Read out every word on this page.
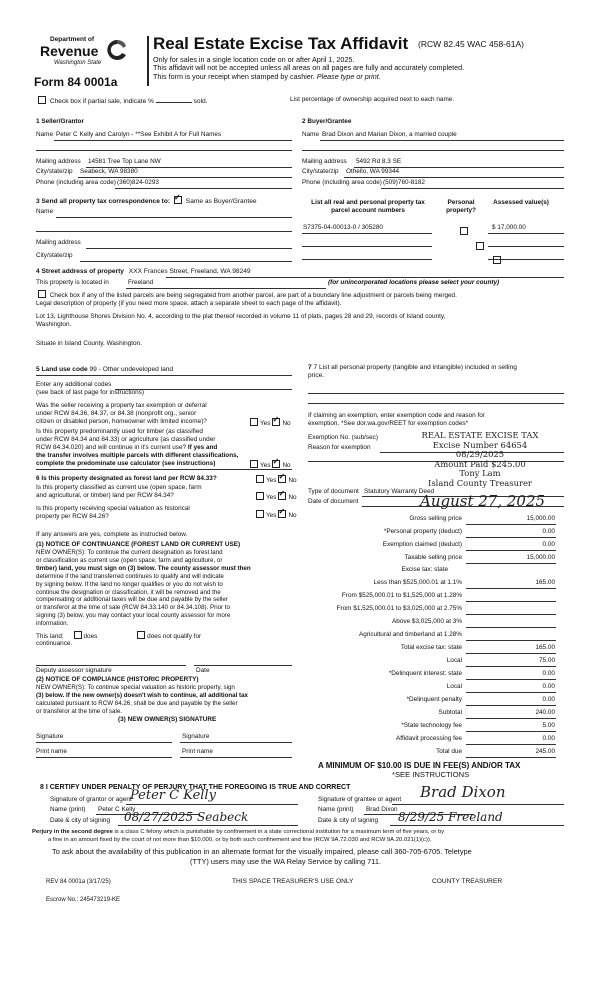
Department of
Revenue
Washington State
Form 84 0001a
Real Estate Excise Tax Affidavit (RCW 82.45 WAC 458-61A)
Only for sales in a single location code on or after April 1, 2025.
This affidavit will not be accepted unless all areas on all pages are fully and accurately completed.
This form is your receipt when stamped by cashier. Please type or print.
Check box if partial sale, indicate %	sold.	List percentage of ownership acquired next to each name.
1 Seller/Grantor
Name Peter C Kelly and Carolyn - **See Exhibit A for Full Names
Mailing address 14581 Tree Top Lane NW
City/state/zip Seabeck, WA 98380
Phone (including area code) (360)824-0293
2 Buyer/Grantee
Name Brad Dixon and Marian Dixon, a married couple
Mailing address 5492 Rd 8.3 SE
City/state/zip Othello, WA 99344
Phone (including area code) (509)760-8182
3 Send all property tax correspondence to: ✓ Same as Buyer/Grantee
Name
Mailing address
City/state/zip
List all real and personal property tax parcel account numbers
Personal property?
Assessed value(s)
S7375-04-00013-0 / 305280
	$ 17,000.00

4 Street address of property XXX Frances Street, Freeland, WA 98249
This property is located in	Freeland	(for unincorporated locations please select your county)
Check box if any of the listed parcels are being segregated from another parcel, are part of a boundary line adjustment or parcels being merged.
Legal description of property (if you need more space, attach a separate sheet to each page of the affidavit).
Lot 13, Lighthouse Shores Division No. 4, according to the plat thereof recorded in volume 11 of plats, pages 28 and 29, records of Island county,
Washington.
Situate in Island County, Washington.
5 Land use code 99 - Other undeveloped land
Enter any additional codes
(see back of last page for instructions)
Was the seller receiving a property tax exemption or deferral
under RCW 84.36, 84.37, or 84.38 (nonprofit org., senior
citizen or disabled person, homeowner with limited income)?	Yes ✓ No
Is this property predominantly used for timber (as classified
under RCW 84.34 and 84.33) or agriculture (as classified under
RCW 84.34.020) and will continue in it's current use? If yes and
the transfer involves multiple parcels with different classifications,
complete the predominate use calculator (see instructions)	Yes ✓ No
6 Is this property designated as forest land per RCW 84.33?	Yes ✓ No
Is this property classified as current use (open space, farm
and agricultural, or timber) land per RCW 84.34?	Yes ✓ No
Is this property receiving special valuation as historical
property per RCW 84.26?	Yes ✓ No
If any answers are yes, complete as instructed below.
(1) NOTICE OF CONTINUANCE (FOREST LAND OR CURRENT USE)
NEW OWNER(S): To continue the current designation as forest land
or classification as current use (open space, farm and agriculture, or
timber) land, you must sign on (3) below. The county assessor must then
determine if the land transferred continues to qualify and will indicate
by signing below. If the land no longer qualifies or you do not wish to
continue the designation or classification, it will be removed and the
compensating or additional taxes will be due and payable by the seller
or transferor at the time of sale (RCW 84.33.140 or 84.34.108). Prior to
signing (3) below, you may contact your local county assessor for more
information.
This land:	does	does not qualify for
continuance.
Deputy assessor signature	Date
(2) NOTICE OF COMPLIANCE (HISTORIC PROPERTY)
NEW OWNER(S): To continue special valuation as historic property, sign
(3) below. If the new owner(s) doesn't wish to continue, all additional tax
calculated pursuant to RCW 84.26, shall be due and payable by the seller
or transferor at the time of sale.
(3) NEW OWNER(S) SIGNATURE
Signature	Signature
Print name	Print name
7 7 List all personal property (tangible and intangible) included in selling
price.
If claiming an exemption, enter exemption code and reason for
exemption. *See dor.wa.gov/REET for exemption codes*
Exemption No. (sub/sec)
Reason for exemption
REAL ESTATE EXCISE TAX
Excise Number 64654
08/29/2025
Amount Paid $245.00
Tony Lam
Island County Treasurer
Type of document Statutory Warranty Deed
Date of document	August 27, 2025
Gross selling price	15,000.00
*Personal property (deduct)	0.00
Exemption claimed (deduct)	0.00
Taxable selling price	15,000.00
Excise tax: state
Less than $525,000.01 at 1.1%	165.00
From $525,000.01 to $1,525,000 at 1.28%
From $1,525,000.01 to $3,025,000 at 2.75%
Above $3,025,000 at 3%
Agricultural and timberland at 1.28%
Total excise tax: state	165.00
Local	75.00
*Delinquent interest: state	0.00
Local	0.00
*Delinquent penalty	0.00
Subtotal	240.00
*State technology fee	5.00
Affidavit processing fee	0.00
Total due	245.00
A MINIMUM OF $10.00 IS DUE IN FEE(S) AND/OR TAX
*SEE INSTRUCTIONS
8 I CERTIFY UNDER PENALTY OF PERJURY THAT THE FOREGOING IS TRUE AND CORRECT
Signature of grantor or agent
Peter C Kelly
Name (print) Peter C Kelly
Date & city of signing 08/27/2025 Seabeck
Signature of grantee or agent Brad Dixon
Name (print) Brad Dixon
Date & city of signing 8/29/25 Freeland
Perjury in the second degree is a class C felony which is punishable by confinement in a state correctional institution for a maximum term of five years, or by
a fine in an amount fixed by the court of not more than $10,000, or by both such confinement and fine (RCW 9A.72.030 and RCW 9A.20.021(1)(c)).
To ask about the availability of this publication in an alternate format for the visually impaired, please call 360-705-6705. Teletype
(TTY) users may use the WA Relay Service by calling 711.
REV 84 0001a (3/17/25)	THIS SPACE TREASURER'S USE ONLY	COUNTY TREASURER
Escrow No.: 245473219-KE
